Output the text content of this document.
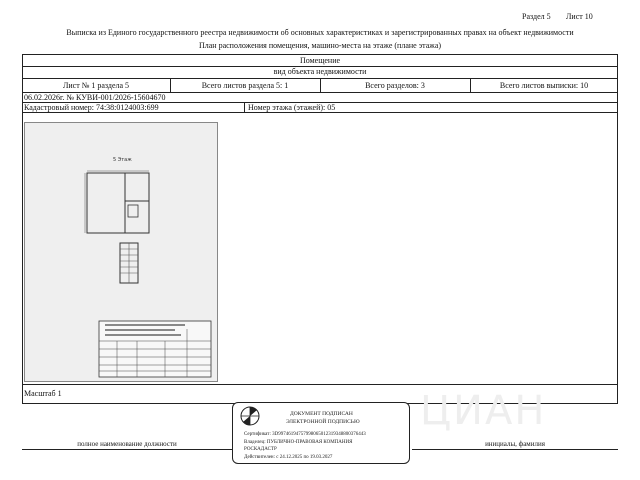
Раздел 5 Лист 10
Выписка из Единого государственного реестра недвижимости об основных характеристиках и зарегистрированных правах на объект недвижимости
План расположения помещения, машино-места на этаже (плане этажа)
Помещение
вид объекта недвижимости
Лист № 1 раздела 5	Всего листов раздела 5: 1	Всего разделов: 3	Всего листов выписки: 10
06.02.2026г. № КУВИ-001/2026-15604670
Кадастровый номер: 74:38:0124003:699	Номер этажа (этажей): 05
5 Этаж
Масштаб 1	ЦИАН
полное наименование должности	инициалы, фамилия
ДОКУМЕНТ ПОДПИСАН
ЭЛЕКТРОННОЙ ПОДПИСЬЮ
Сертификат: 3D99746194757998065012319348800376443
Владелец: ПУБЛИЧНО-ПРАВОВАЯ КОМПАНИЯ
РОСКАДАСТР
Действителен: с 24.12.2025 по 19.03.2027
